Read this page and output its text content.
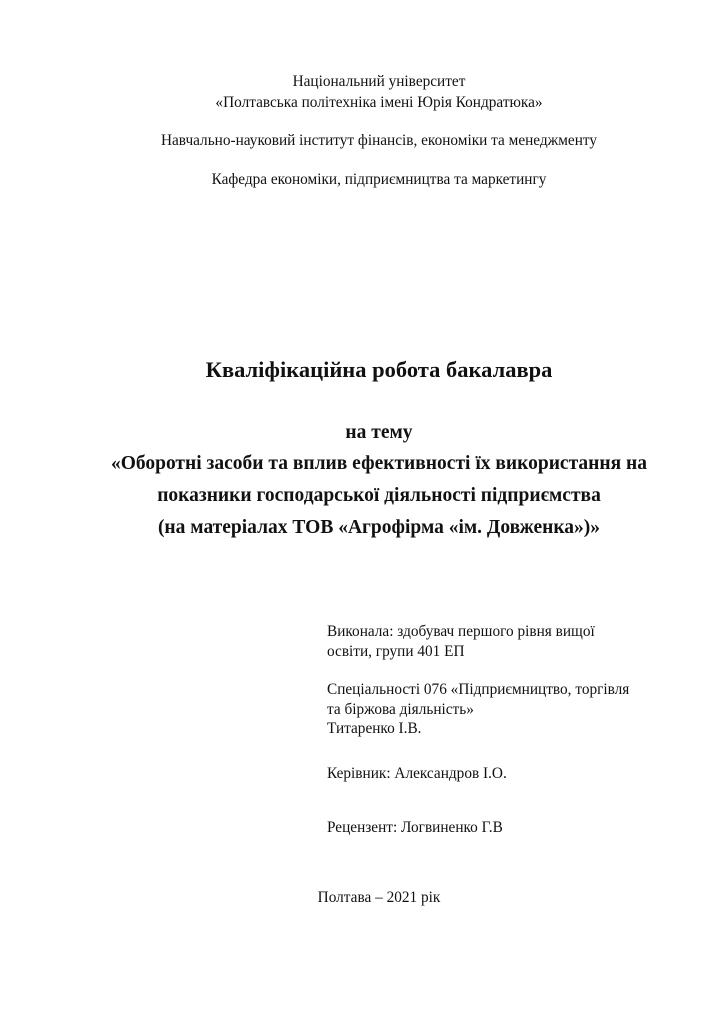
Національний університет
«Полтавська політехніка імені Юрія Кондратюка»
Навчально-науковий інститут фінансів, економіки та менеджменту
Кафедра економіки, підприємництва та маркетингу
Кваліфікаційна робота бакалавра
на тему
«Оборотні засоби та вплив ефективності їх використання на
показники господарської діяльності підприємства
(на матеріалах ТОВ «Агрофірма «ім. Довженка»)»
Виконала: здобувач першого рівня вищої
освіти, групи 401 ЕП
Спеціальності 076 «Підприємництво, торгівля
та біржова діяльність»
Титаренко І.В.
Керівник: Александров І.О.
Рецензент: Логвиненко Г.В
Полтава – 2021 рік
